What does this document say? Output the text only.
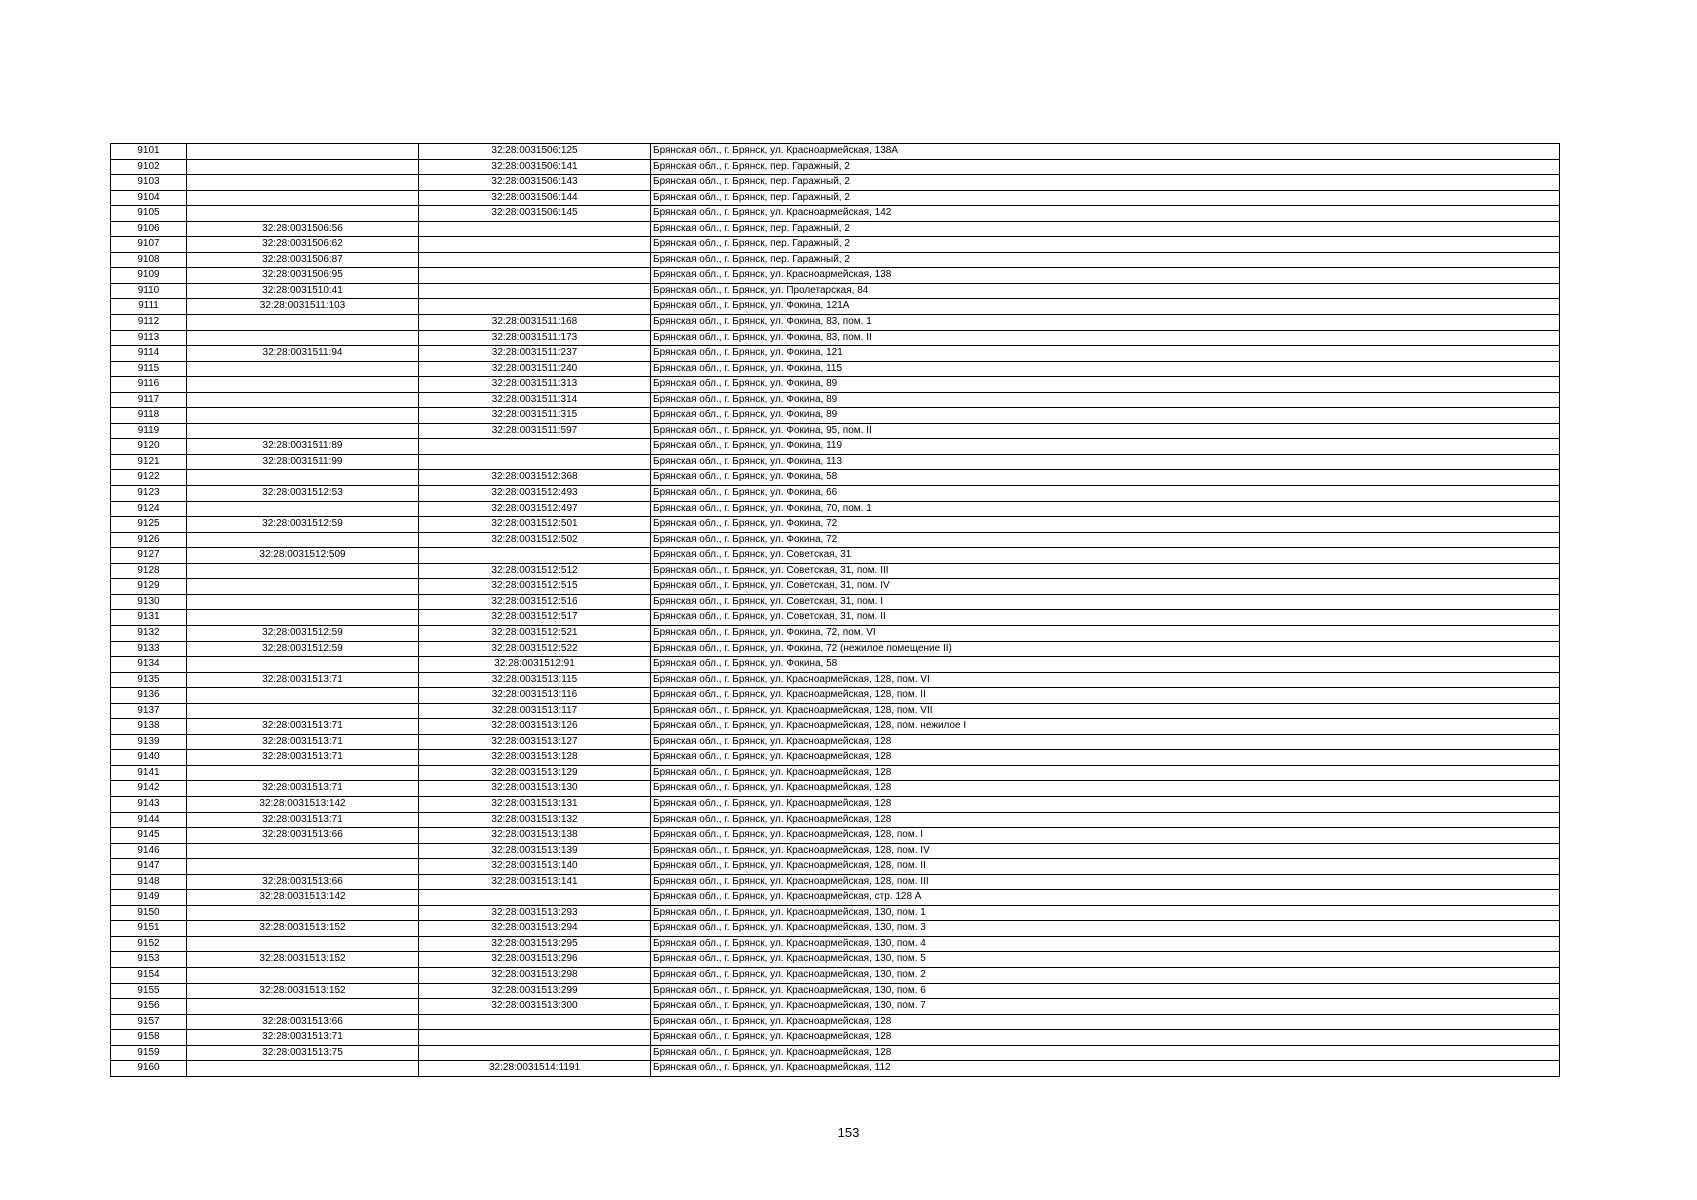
9101		32:28:0031506:125	Брянская обл., г. Брянск, ул. Красноармейская, 138А
9102		32:28:0031506:141	Брянская обл., г. Брянск, пер. Гаражный, 2
9103		32:28:0031506:143	Брянская обл., г. Брянск, пер. Гаражный, 2
9104		32:28:0031506:144	Брянская обл., г. Брянск, пер. Гаражный, 2
9105		32:28:0031506:145	Брянская обл., г. Брянск, ул. Красноармейская, 142
9106	32:28:0031506:56		Брянская обл., г. Брянск, пер. Гаражный, 2
9107	32:28:0031506:62		Брянская обл., г. Брянск, пер. Гаражный, 2
9108	32:28:0031506:87		Брянская обл., г. Брянск, пер. Гаражный, 2
9109	32:28:0031506:95		Брянская обл., г. Брянск, ул. Красноармейская, 138
9110	32:28:0031510:41		Брянская обл., г. Брянск, ул. Пролетарская, 84
9111	32:28:0031511:103		Брянская обл., г. Брянск, ул. Фокина, 121А
9112		32:28:0031511:168	Брянская обл., г. Брянск, ул. Фокина, 83, пом. 1
9113		32:28:0031511:173	Брянская обл., г. Брянск, ул. Фокина, 83, пом. II
9114	32:28:0031511:94	32:28:0031511:237	Брянская обл., г. Брянск, ул. Фокина, 121
9115		32:28:0031511:240	Брянская обл., г. Брянск, ул. Фокина, 115
9116		32:28:0031511:313	Брянская обл., г. Брянск, ул. Фокина, 89
9117		32:28:0031511:314	Брянская обл., г. Брянск, ул. Фокина, 89
9118		32:28:0031511:315	Брянская обл., г. Брянск, ул. Фокина, 89
9119		32:28:0031511:597	Брянская обл., г. Брянск, ул. Фокина, 95, пом. II
9120	32:28:0031511:89		Брянская обл., г. Брянск, ул. Фокина, 119
9121	32:28:0031511:99		Брянская обл., г. Брянск, ул. Фокина, 113
9122		32:28:0031512:368	Брянская обл., г. Брянск, ул. Фокина, 58
9123	32:28:0031512:53	32:28:0031512:493	Брянская обл., г. Брянск, ул. Фокина, 66
9124		32:28:0031512:497	Брянская обл., г. Брянск, ул. Фокина, 70, пом. 1
9125	32:28:0031512:59	32:28:0031512:501	Брянская обл., г. Брянск, ул. Фокина, 72
9126		32:28:0031512:502	Брянская обл., г. Брянск, ул. Фокина, 72
9127	32:28:0031512:509		Брянская обл., г. Брянск, ул. Советская, 31
9128		32:28:0031512:512	Брянская обл., г. Брянск, ул. Советская, 31, пом. III
9129		32:28:0031512:515	Брянская обл., г. Брянск, ул. Советская, 31, пом. IV
9130		32:28:0031512:516	Брянская обл., г. Брянск, ул. Советская, 31, пом. I
9131		32:28:0031512:517	Брянская обл., г. Брянск, ул. Советская, 31, пом. II
9132	32:28:0031512:59	32:28:0031512:521	Брянская обл., г. Брянск, ул. Фокина, 72, пом. VI
9133	32:28:0031512:59	32:28:0031512:522	Брянская обл., г. Брянск, ул. Фокина, 72 (нежилое помещение II)
9134		32:28:0031512:91	Брянская обл., г. Брянск, ул. Фокина, 58
9135	32:28:0031513:71	32:28:0031513:115	Брянская обл., г. Брянск, ул. Красноармейская, 128, пом. VI
9136		32:28:0031513:116	Брянская обл., г. Брянск, ул. Красноармейская, 128, пом. II
9137		32:28:0031513:117	Брянская обл., г. Брянск, ул. Красноармейская, 128, пом. VII
9138	32:28:0031513:71	32:28:0031513:126	Брянская обл., г. Брянск, ул. Красноармейская, 128, пом. нежилое I
9139	32:28:0031513:71	32:28:0031513:127	Брянская обл., г. Брянск, ул. Красноармейская, 128
9140	32:28:0031513:71	32:28:0031513:128	Брянская обл., г. Брянск, ул. Красноармейская, 128
9141		32:28:0031513:129	Брянская обл., г. Брянск, ул. Красноармейская, 128
9142	32:28:0031513:71	32:28:0031513:130	Брянская обл., г. Брянск, ул. Красноармейская, 128
9143	32:28:0031513:142	32:28:0031513:131	Брянская обл., г. Брянск, ул. Красноармейская, 128
9144	32:28:0031513:71	32:28:0031513:132	Брянская обл., г. Брянск, ул. Красноармейская, 128
9145	32:28:0031513:66	32:28:0031513:138	Брянская обл., г. Брянск, ул. Красноармейская, 128, пом. I
9146		32:28:0031513:139	Брянская обл., г. Брянск, ул. Красноармейская, 128, пом. IV
9147		32:28:0031513:140	Брянская обл., г. Брянск, ул. Красноармейская, 128, пом. II
9148	32:28:0031513:66	32:28:0031513:141	Брянская обл., г. Брянск, ул. Красноармейская, 128, пом. III
9149	32:28:0031513:142		Брянская обл., г. Брянск, ул. Красноармейская, стр. 128 А
9150		32:28:0031513:293	Брянская обл., г. Брянск, ул. Красноармейская, 130, пом. 1
9151	32:28:0031513:152	32:28:0031513:294	Брянская обл., г. Брянск, ул. Красноармейская, 130, пом. 3
9152		32:28:0031513:295	Брянская обл., г. Брянск, ул. Красноармейская, 130, пом. 4
9153	32:28:0031513:152	32:28:0031513:296	Брянская обл., г. Брянск, ул. Красноармейская, 130, пом. 5
9154		32:28:0031513:298	Брянская обл., г. Брянск, ул. Красноармейская, 130, пом. 2
9155	32:28:0031513:152	32:28:0031513:299	Брянская обл., г. Брянск, ул. Красноармейская, 130, пом. 6
9156		32:28:0031513:300	Брянская обл., г. Брянск, ул. Красноармейская, 130, пом. 7
9157	32:28:0031513:66		Брянская обл., г. Брянск, ул. Красноармейская, 128
9158	32:28:0031513:71		Брянская обл., г. Брянск, ул. Красноармейская, 128
9159	32:28:0031513:75		Брянская обл., г. Брянск, ул. Красноармейская, 128
9160		32:28:0031514:1191	Брянская обл., г. Брянск, ул. Красноармейская, 112
153
